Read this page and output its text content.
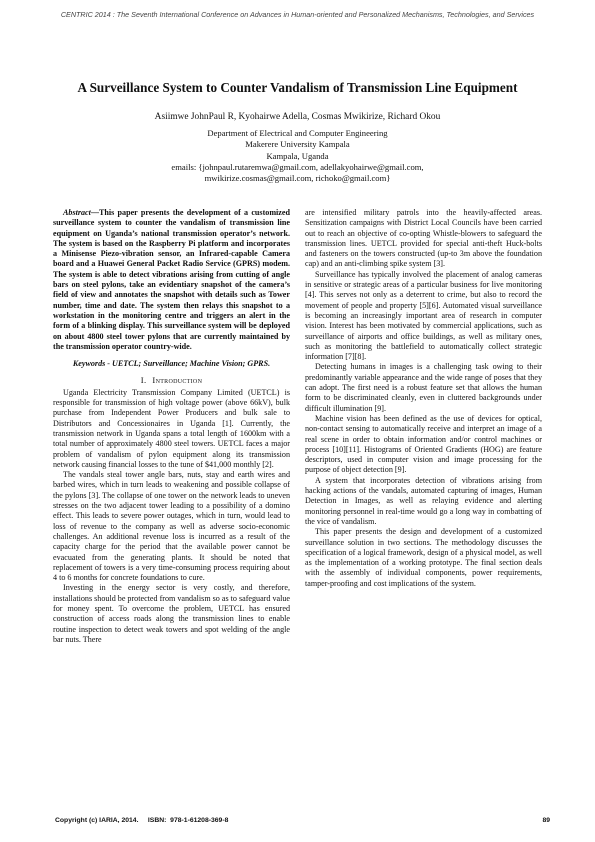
CENTRIC 2014 : The Seventh International Conference on Advances in Human-oriented and Personalized Mechanisms, Technologies, and Services
A Surveillance System to Counter Vandalism of Transmission Line Equipment
Asiimwe JohnPaul R, Kyohairwe Adella, Cosmas Mwikirize, Richard Okou
Department of Electrical and Computer Engineering
Makerere University Kampala
Kampala, Uganda
emails: {johnpaul.rutaremwa@gmail.com, adellakyohairwe@gmail.com,
mwikirize.cosmas@gmail.com, richoko@gmail.com}

Abstract—This paper presents the development of a customized surveillance system to counter the vandalism of transmission line equipment on Uganda’s national transmission operator’s network. The system is based on the Raspberry Pi platform and incorporates a Minisense Piezo-vibration sensor, an Infrared-capable Camera board and a Huawei General Packet Radio Service (GPRS) modem. The system is able to detect vibrations arising from cutting of angle bars on steel pylons, take an evidentiary snapshot of the camera’s field of view and annotates the snapshot with details such as Tower number, time and date. The system then relays this snapshot to a workstation in the monitoring centre and triggers an alert in the form of a blinking display. This surveillance system will be deployed on about 4800 steel tower pylons that are currently maintained by the transmission operator country-wide.

Keywords - UETCL; Surveillance; Machine Vision; GPRS.

I. Introduction

Uganda Electricity Transmission Company Limited (UETCL) is responsible for transmission of high voltage power (above 66kV), bulk purchase from Independent Power Producers and bulk sale to Distributors and Concessionaires in Uganda [1]. Currently, the transmission network in Uganda spans a total length of 1600km with a total number of approximately 4800 steel towers. UETCL faces a major problem of vandalism of pylon equipment along its transmission network causing financial losses to the tune of $41,000 monthly [2].

The vandals steal tower angle bars, nuts, stay and earth wires and barbed wires, which in turn leads to weakening and possible collapse of the pylons [3]. The collapse of one tower on the network leads to uneven stresses on the two adjacent tower leading to a possibility of a domino effect. This leads to severe power outages, which in turn, would lead to loss of revenue to the company as well as adverse socio-economic challenges. An additional revenue loss is incurred as a result of the capacity charge for the period that the available power cannot be evacuated from the generating plants. It should be noted that replacement of towers is a very time-consuming process requiring about 4 to 6 months for concrete foundations to cure.

Investing in the energy sector is very costly, and therefore, installations should be protected from vandalism so as to safeguard value for money spent. To overcome the problem, UETCL has ensured construction of access roads along the transmission lines to enable routine inspection to detect weak towers and spot welding of the angle bar nuts. There

are intensified military patrols into the heavily-affected areas. Sensitization campaigns with District Local Councils have been carried out to reach an objective of co-opting Whistle-blowers to safeguard the transmission lines. UETCL provided for special anti-theft Huck-bolts and fasteners on the towers constructed (up-to 3m above the foundation cap) and an anti-climbing spike system [3].

Surveillance has typically involved the placement of analog cameras in sensitive or strategic areas of a particular business for live monitoring [4]. This serves not only as a deterrent to crime, but also to record the movement of people and property [5][6]. Automated visual surveillance is becoming an increasingly important area of research in computer vision. Interest has been motivated by commercial applications, such as surveillance of airports and office buildings, as well as military ones, such as monitoring the battlefield to automatically collect strategic information [7][8].

Detecting humans in images is a challenging task owing to their predominantly variable appearance and the wide range of poses that they can adopt. The first need is a robust feature set that allows the human form to be discriminated cleanly, even in cluttered backgrounds under difficult illumination [9].

Machine vision has been defined as the use of devices for optical, non-contact sensing to automatically receive and interpret an image of a real scene in order to obtain information and/or control machines or process [10][11]. Histograms of Oriented Gradients (HOG) are feature descriptors, used in computer vision and image processing for the purpose of object detection [9].

A system that incorporates detection of vibrations arising from hacking actions of the vandals, automated capturing of images, Human Detection in Images, as well as relaying evidence and alerting monitoring personnel in real-time would go a long way in combatting of the vice of vandalism.

This paper presents the design and development of a customized surveillance solution in two sections. The methodology discusses the specification of a logical framework, design of a physical model, as well as the implementation of a working prototype. The final section deals with the assembly of individual components, power requirements, tamper-proofing and cost implications of the system.

Copyright (c) IARIA, 2014.     ISBN:  978-1-61208-369-8	89
